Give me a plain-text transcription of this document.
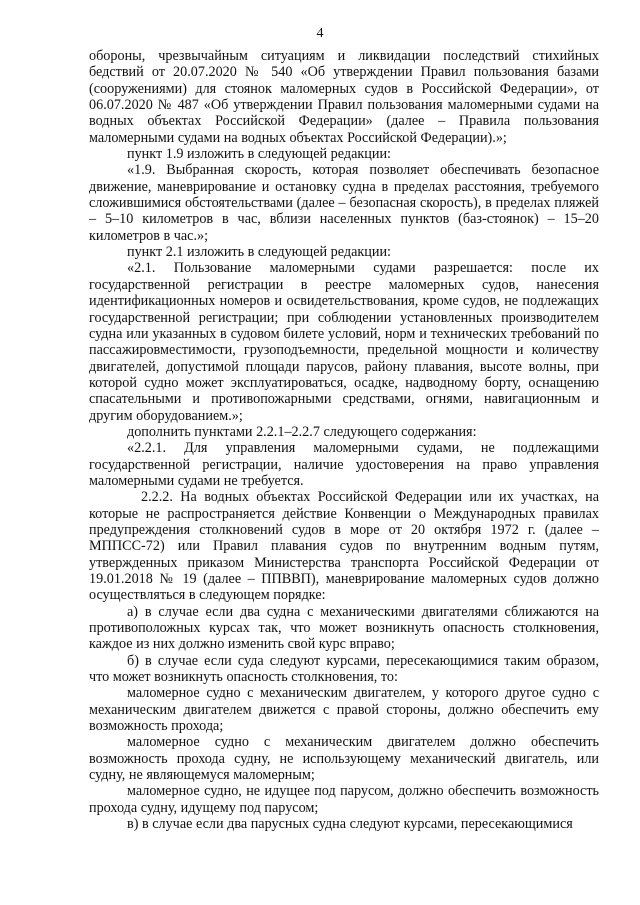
4

обороны, чрезвычайным ситуациям и ликвидации последствий стихийных бедствий от 20.07.2020 № 540 «Об утверждении Правил пользования базами (сооружениями) для стоянок маломерных судов в Российской Федерации», от 06.07.2020 № 487 «Об утверждении Правил пользования маломерными судами на водных объектах Российской Федерации» (далее – Правила пользования маломерными судами на водных объектах Российской Федерации).»;

пункт 1.9 изложить в следующей редакции:

«1.9. Выбранная скорость, которая позволяет обеспечивать безопасное движение, маневрирование и остановку судна в пределах расстояния, требуемого сложившимися обстоятельствами (далее – безопасная скорость), в пределах пляжей – 5–10 километров в час, вблизи населенных пунктов (баз-стоянок) – 15–20 километров в час.»;

пункт 2.1 изложить в следующей редакции:

«2.1. Пользование маломерными судами разрешается: после их государственной регистрации в реестре маломерных судов, нанесения идентификационных номеров и освидетельствования, кроме судов, не подлежащих государственной регистрации; при соблюдении установленных производителем судна или указанных в судовом билете условий, норм и технических требований по пассажировместимости, грузоподъемности, предельной мощности и количеству двигателей, допустимой площади парусов, району плавания, высоте волны, при которой судно может эксплуатироваться, осадке, надводному борту, оснащению спасательными и противопожарными средствами, огнями, навигационным и другим оборудованием.»;

дополнить пунктами 2.2.1–2.2.7 следующего содержания:

«2.2.1. Для управления маломерными судами, не подлежащими государственной регистрации, наличие удостоверения на право управления маломерными судами не требуется.

2.2.2. На водных объектах Российской Федерации или их участках, на которые не распространяется действие Конвенции о Международных правилах предупреждения столкновений судов в море от 20 октября 1972 г. (далее – МППСС-72) или Правил плавания судов по внутренним водным путям, утвержденных приказом Министерства транспорта Российской Федерации от 19.01.2018 № 19 (далее – ППВВП), маневрирование маломерных судов должно осуществляться в следующем порядке:

а) в случае если два судна с механическими двигателями сближаются на противоположных курсах так, что может возникнуть опасность столкновения, каждое из них должно изменить свой курс вправо;

б) в случае если суда следуют курсами, пересекающимися таким образом, что может возникнуть опасность столкновения, то:

маломерное судно с механическим двигателем, у которого другое судно с механическим двигателем движется с правой стороны, должно обеспечить ему возможность прохода;

маломерное судно с механическим двигателем должно обеспечить возможность прохода судну, не использующему механический двигатель, или судну, не являющемуся маломерным;

маломерное судно, не идущее под парусом, должно обеспечить возможность прохода судну, идущему под парусом;

в) в случае если два парусных судна следуют курсами, пересекающимися
